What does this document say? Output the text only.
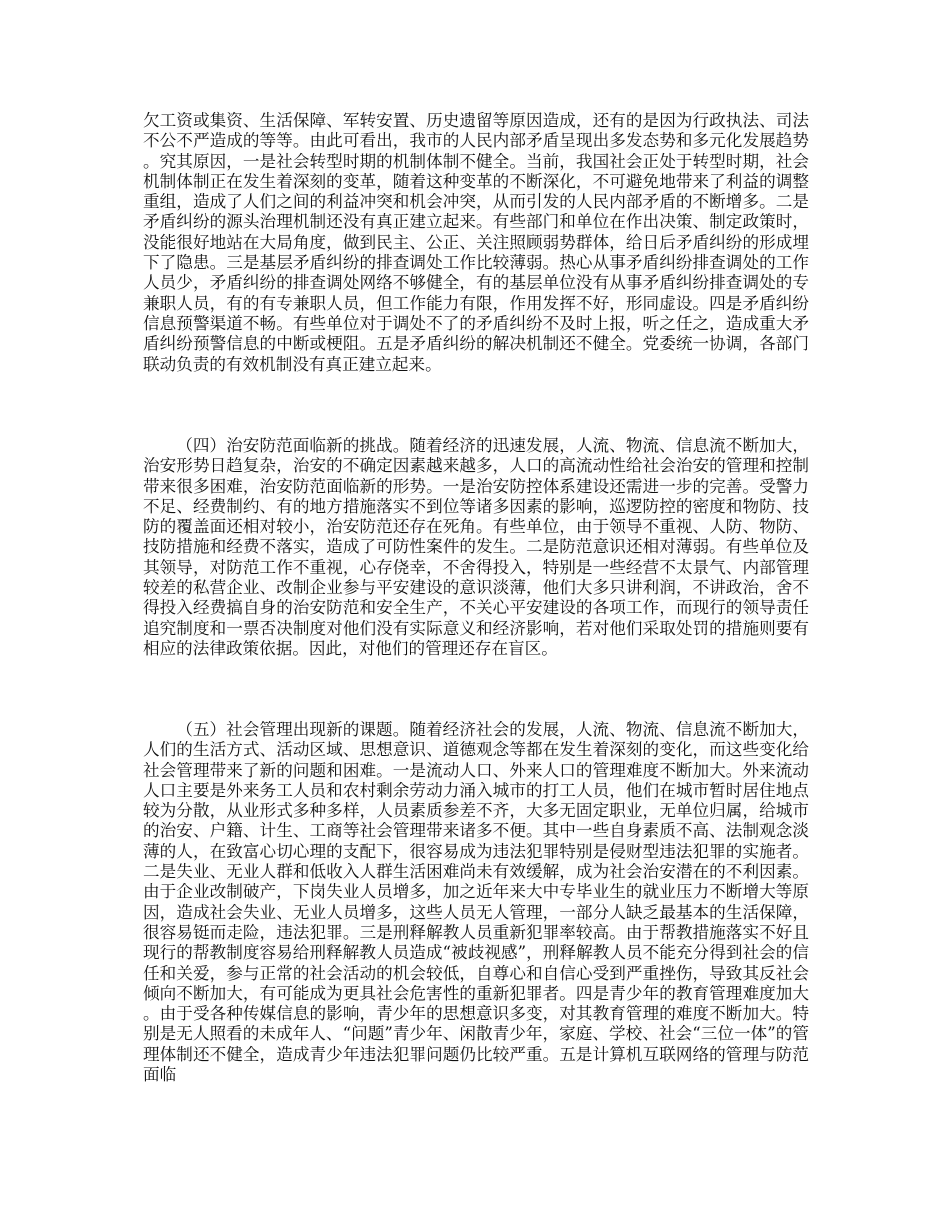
欠工资或集资、生活保障、军转安置、历史遗留等原因造成，还有的是因为行政执法、司法不公不严造成的等等。由此可看出，我市的人民内部矛盾呈现出多发态势和多元化发展趋势。究其原因，一是社会转型时期的机制体制不健全。当前，我国社会正处于转型时期，社会机制体制正在发生着深刻的变革，随着这种变革的不断深化，不可避免地带来了利益的调整重组，造成了人们之间的利益冲突和机会冲突，从而引发的人民内部矛盾的不断增多。二是矛盾纠纷的源头治理机制还没有真正建立起来。有些部门和单位在作出决策、制定政策时，没能很好地站在大局角度，做到民主、公正、关注照顾弱势群体，给日后矛盾纠纷的形成埋下了隐患。三是基层矛盾纠纷的排查调处工作比较薄弱。热心从事矛盾纠纷排查调处的工作人员少，矛盾纠纷的排查调处网络不够健全，有的基层单位没有从事矛盾纠纷排查调处的专兼职人员，有的有专兼职人员，但工作能力有限，作用发挥不好，形同虚设。四是矛盾纠纷信息预警渠道不畅。有些单位对于调处不了的矛盾纠纷不及时上报，听之任之，造成重大矛盾纠纷预警信息的中断或梗阻。五是矛盾纠纷的解决机制还不健全。党委统一协调，各部门联动负责的有效机制没有真正建立起来。

（四）治安防范面临新的挑战。随着经济的迅速发展，人流、物流、信息流不断加大，治安形势日趋复杂，治安的不确定因素越来越多，人口的高流动性给社会治安的管理和控制带来很多困难，治安防范面临新的形势。一是治安防控体系建设还需进一步的完善。受警力不足、经费制约、有的地方措施落实不到位等诸多因素的影响，巡逻防控的密度和物防、技防的覆盖面还相对较小，治安防范还存在死角。有些单位，由于领导不重视、人防、物防、技防措施和经费不落实，造成了可防性案件的发生。二是防范意识还相对薄弱。有些单位及其领导，对防范工作不重视，心存侥幸，不舍得投入，特别是一些经营不太景气、内部管理较差的私营企业、改制企业参与平安建设的意识淡薄，他们大多只讲利润，不讲政治，舍不得投入经费搞自身的治安防范和安全生产，不关心平安建设的各项工作，而现行的领导责任追究制度和一票否决制度对他们没有实际意义和经济影响，若对他们采取处罚的措施则要有相应的法律政策依据。因此，对他们的管理还存在盲区。

（五）社会管理出现新的课题。随着经济社会的发展，人流、物流、信息流不断加大，人们的生活方式、活动区域、思想意识、道德观念等都在发生着深刻的变化，而这些变化给社会管理带来了新的问题和困难。一是流动人口、外来人口的管理难度不断加大。外来流动人口主要是外来务工人员和农村剩余劳动力涌入城市的打工人员，他们在城市暂时居住地点较为分散，从业形式多种多样，人员素质参差不齐，大多无固定职业，无单位归属，给城市的治安、户籍、计生、工商等社会管理带来诸多不便。其中一些自身素质不高、法制观念淡薄的人，在致富心切心理的支配下，很容易成为违法犯罪特别是侵财型违法犯罪的实施者。二是失业、无业人群和低收入人群生活困难尚未有效缓解，成为社会治安潜在的不利因素。由于企业改制破产，下岗失业人员增多，加之近年来大中专毕业生的就业压力不断增大等原因，造成社会失业、无业人员增多，这些人员无人管理，一部分人缺乏最基本的生活保障，很容易铤而走险，违法犯罪。三是刑释解教人员重新犯罪率较高。由于帮教措施落实不好且现行的帮教制度容易给刑释解教人员造成“被歧视感”，刑释解教人员不能充分得到社会的信任和关爱，参与正常的社会活动的机会较低，自尊心和自信心受到严重挫伤，导致其反社会倾向不断加大，有可能成为更具社会危害性的重新犯罪者。四是青少年的教育管理难度加大。由于受各种传媒信息的影响，青少年的思想意识多变，对其教育管理的难度不断加大。特别是无人照看的未成年人、“问题”青少年、闲散青少年，家庭、学校、社会“三位一体”的管理体制还不健全，造成青少年违法犯罪问题仍比较严重。五是计算机互联网络的管理与防范面临
